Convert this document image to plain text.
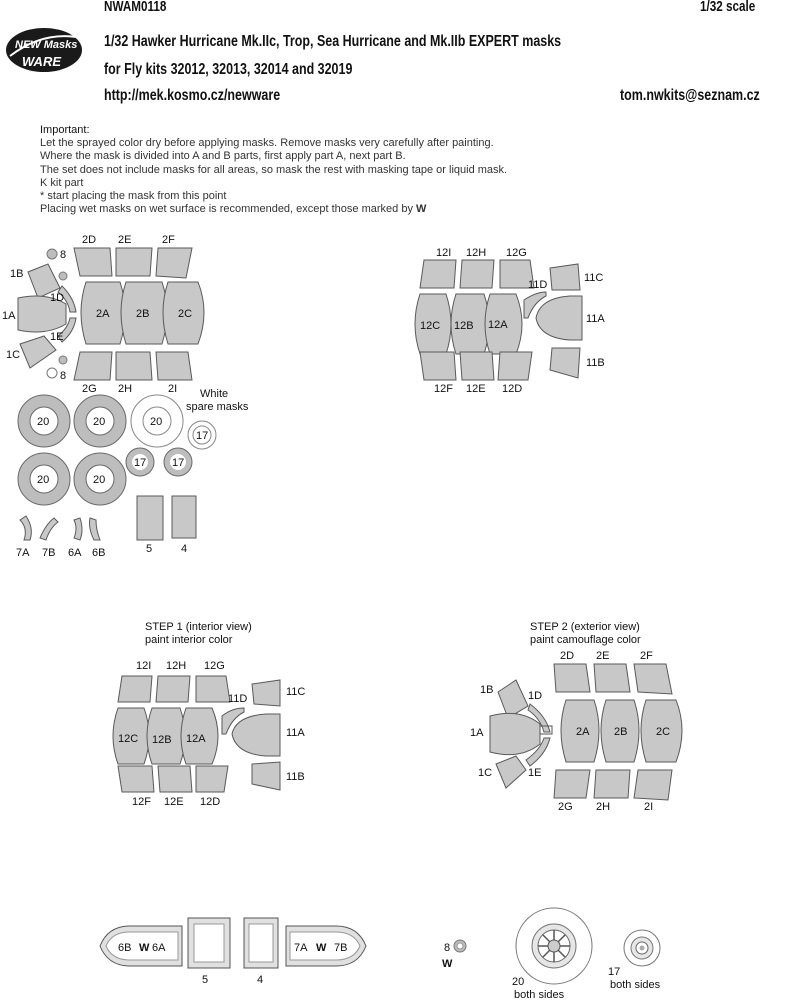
NEW Masks
WARE
NWAM0118	1/32 scale
1/32 Hawker Hurricane Mk.IIc, Trop, Sea Hurricane and Mk.IIb EXPERT masks
for Fly kits 32012, 32013, 32014 and 32019
http://mek.kosmo.cz/newware	tom.nwkits@seznam.cz
Important:
Let the sprayed color dry before applying masks. Remove masks very carefully after painting.
Where the mask is divided into A and B parts, first apply part A, next part B.
The set does not include masks for all areas, so mask the rest with masking tape or liquid mask.
K kit part
* start placing the mask from this point
Placing wet masks on wet surface is recommended, except those marked by W
2D 2E	2F
2A 2B	2C
2G 2H	2I
1B
1A
1C
1D
1E
8
8
20	20
20	20
20
17 17
17
White
spare masks
7A 7B 6A 6B	5	4
12I 12H 12G
12C 12B 12A
12F 12E 12D
11D
11C
11A
11B
12I 12H 12G
12C 12B 12A
12F 12E 12D
11D
11C
11A
11B
2D 2E	2F
2A 2B	2C
2G 2H	2I
1B
1A
1C
1D
1E
6B W 6A
5	4
7A W 7B	8
W
20
both sides
17
both sides
STEP 1 (interior view)
paint interior color
STEP 2 (exterior view)
paint camouflage color
